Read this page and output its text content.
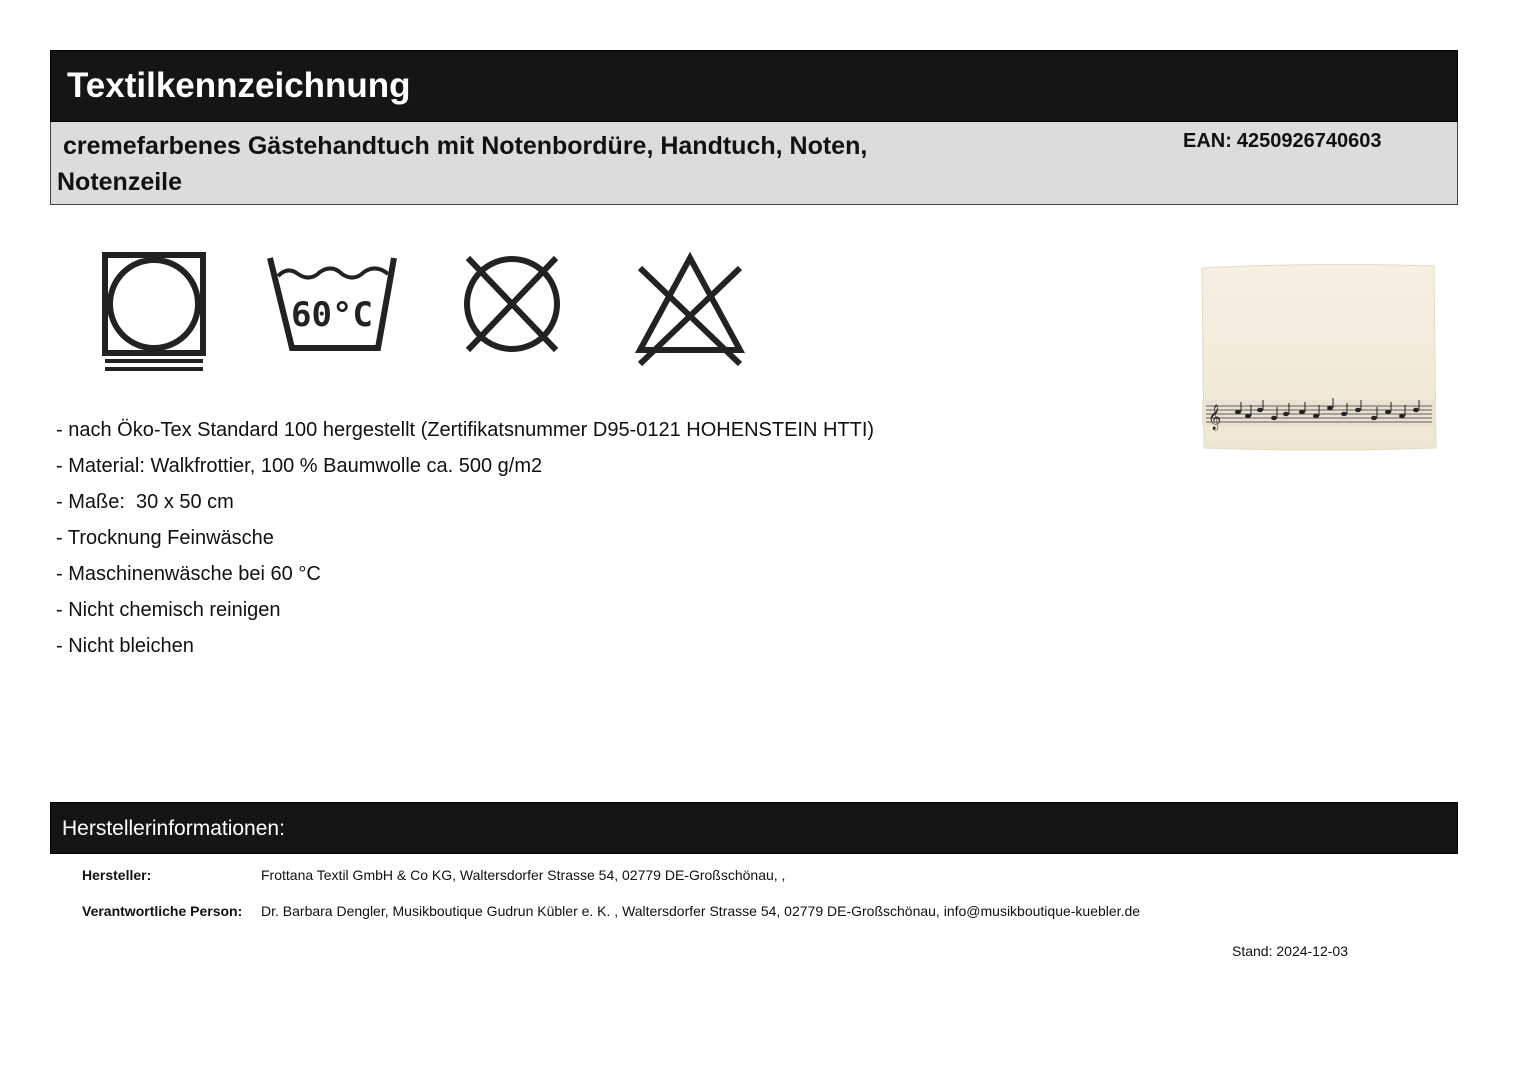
Textilkennzeichnung
cremefarbenes Gästehandtuch mit Notenbordüre, Handtuch, Noten, Notenzeile
EAN: 4250926740603
60°C
𝄞
- nach Öko-Tex Standard 100 hergestellt (Zertifikatsnummer D95-0121 HOHENSTEIN HTTI)
- Material: Walkfrottier, 100 % Baumwolle ca. 500 g/m2
- Maße:  30 x 50 cm
- Trocknung Feinwäsche
- Maschinenwäsche bei 60 °C
- Nicht chemisch reinigen
- Nicht bleichen
Herstellerinformationen:
Hersteller:	Frottana Textil GmbH & Co KG, Waltersdorfer Strasse 54, 02779 DE-Großschönau, ,
Verantwortliche Person: Dr. Barbara Dengler, Musikboutique Gudrun Kübler e. K. , Waltersdorfer Strasse 54, 02779 DE-Großschönau, info@musikboutique-kuebler.de
Stand: 2024-12-03
